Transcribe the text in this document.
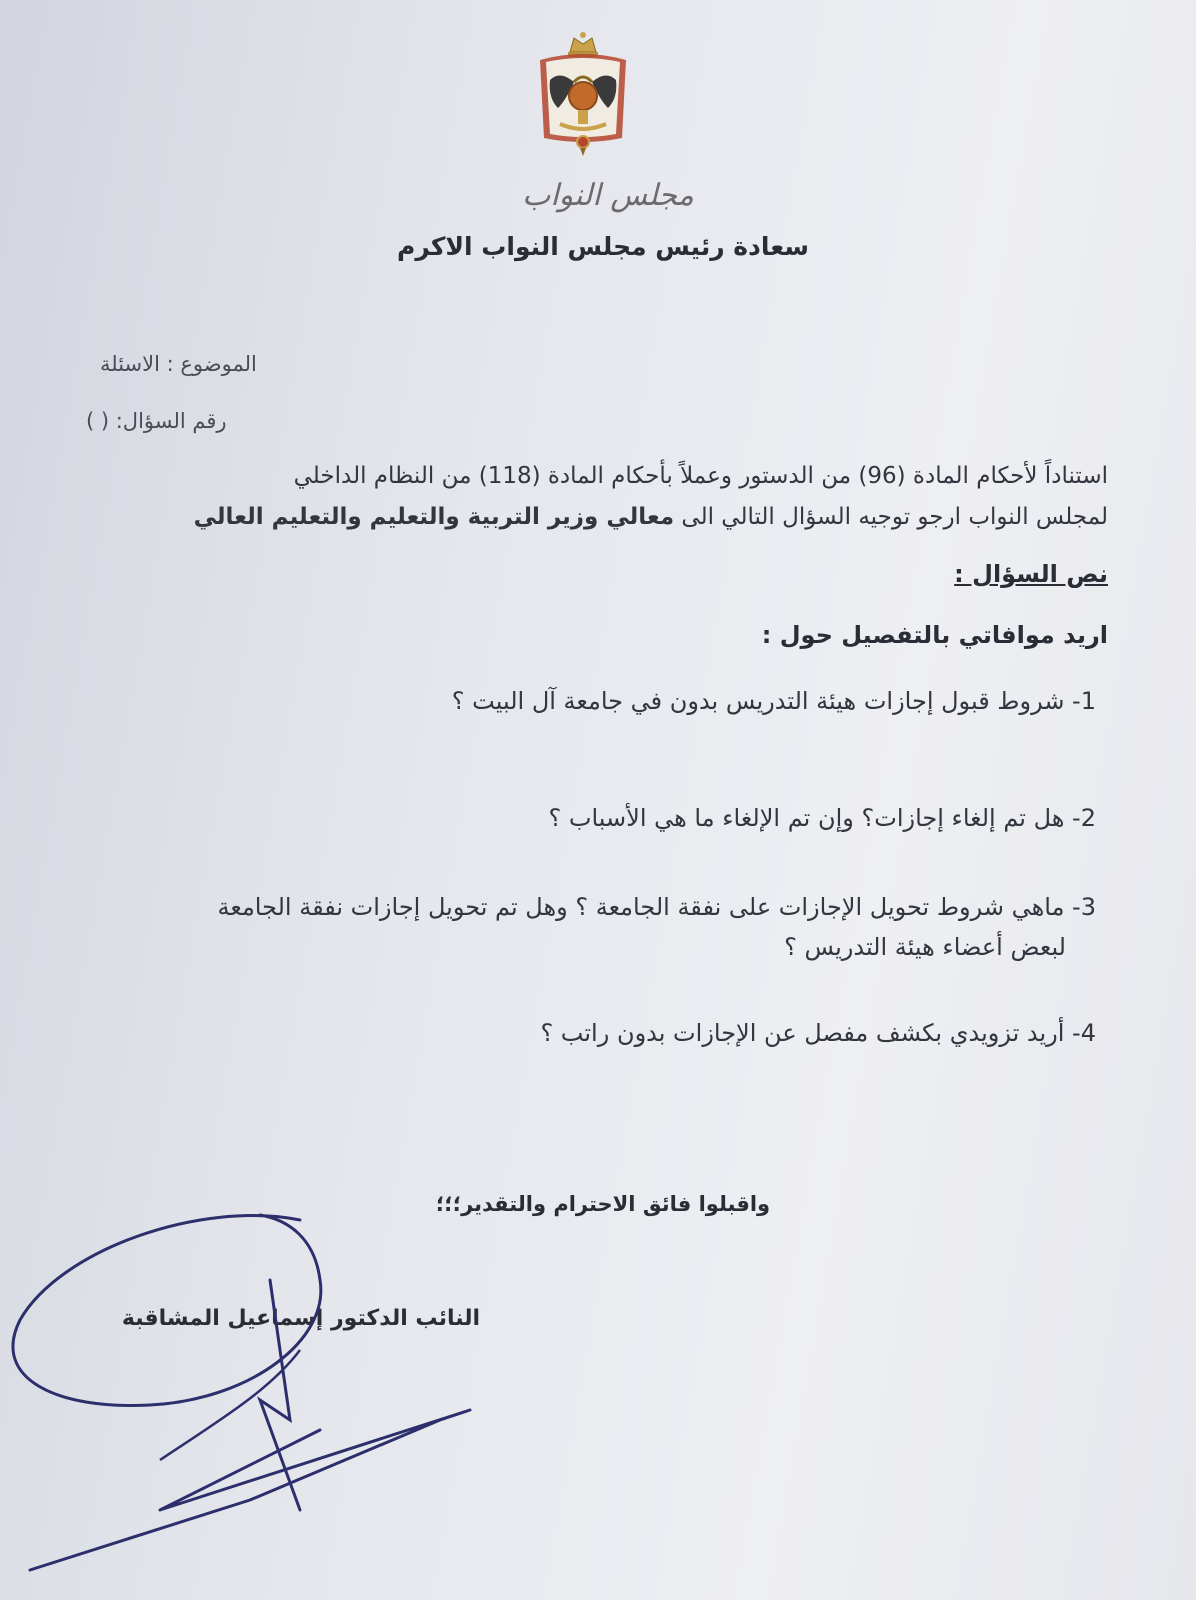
مجلس النواب
سعادة رئيس مجلس النواب الاكرم
الموضوع : الاسئلة
رقم السؤال: ( )
استناداً لأحكام المادة (96) من الدستور وعملاً بأحكام المادة (118) من النظام الداخلي
لمجلس النواب ارجو توجيه السؤال التالي الى معالي وزير التربية والتعليم والتعليم العالي
نص السؤال :
اريد موافاتي بالتفصيل حول :
1- شروط قبول إجازات هيئة التدريس بدون في جامعة آل البيت ؟
2- هل تم إلغاء إجازات؟ وإن تم الإلغاء ما هي الأسباب ؟
3- ماهي شروط تحويل الإجازات على نفقة الجامعة ؟ وهل تم تحويل إجازات نفقة الجامعة
لبعض أعضاء هيئة التدريس ؟
4- أريد تزويدي بكشف مفصل عن الإجازات بدون راتب ؟
واقبلوا فائق الاحترام والتقدير؛؛؛
النائب الدكتور إسماعيل المشاقبة
